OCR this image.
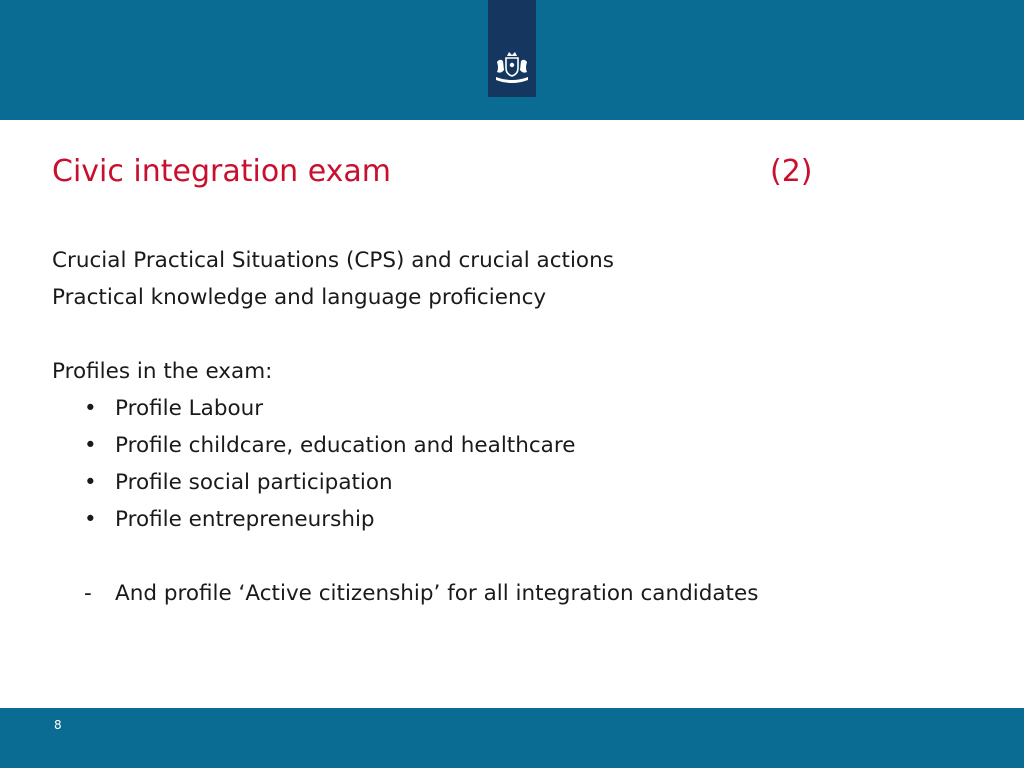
Civic integration exam	(2)
Crucial Practical Situations (CPS) and crucial actions
Practical knowledge and language proficiency
Profiles in the exam:
• Profile Labour
• Profile childcare, education and healthcare
• Profile social participation
• Profile entrepreneurship
- And profile ‘Active citizenship’ for all integration candidates
8
